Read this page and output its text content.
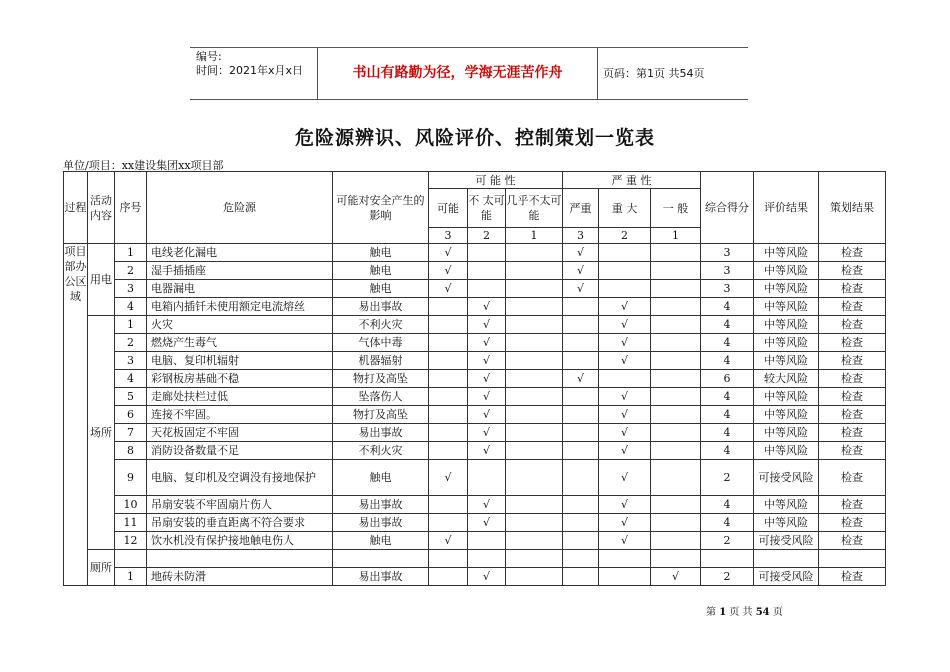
编号:
时间：2021年x月x日	书山有路勤为径，学海无涯苦作舟	页码：第1页 共54页
危险源辨识、风险评价、控制策划一览表
单位/项目：xx建设集团xx项目部
过程	活动内容	序号	危险源	可能对安全产生的影响	可 能 性			严 重 性			综合得分	评价结果	策划结果
					可能	不 太可能	几乎不太可能	严重	重 大	一 般			
					3	2	1	3	2	1			
项目部办公区域	用电	1	电线老化漏电	触电	√			√			3	中等风险	检查
		2	湿手插插座	触电	√			√			3	中等风险	检查
		3	电器漏电	触电	√			√			3	中等风险	检查
		4	电箱内插钎未使用额定电流熔丝	易出事故		√			√		4	中等风险	检查
	场所	1	火灾	不利火灾		√			√		4	中等风险	检查
		2	燃烧产生毒气	气体中毒		√			√		4	中等风险	检查
		3	电脑、复印机辐射	机器辐射		√			√		4	中等风险	检查
		4	彩钢板房基础不稳	物打及高坠		√		√			6	较大风险	检查
		5	走廊处扶栏过低	坠落伤人		√			√		4	中等风险	检查
		6	连接不牢固。	物打及高坠		√			√		4	中等风险	检查
		7	天花板固定不牢固	易出事故		√			√		4	中等风险	检查
		8	消防设备数量不足	不利火灾		√			√		4	中等风险	检查
		9	电脑、复印机及空调没有接地保护	触电	√				√		2	可接受风险	检查
		10	吊扇安装不牢固扇片伤人	易出事故		√			√		4	中等风险	检查
		11	吊扇安装的垂直距离不符合要求	易出事故		√			√		4	中等风险	检查
		12	饮水机没有保护接地触电伤人	触电	√				√		2	可接受风险	检查
	厕所												
		1	地砖未防滑	易出事故		√				√	2	可接受风险	检查
第 1 页 共 54 页
